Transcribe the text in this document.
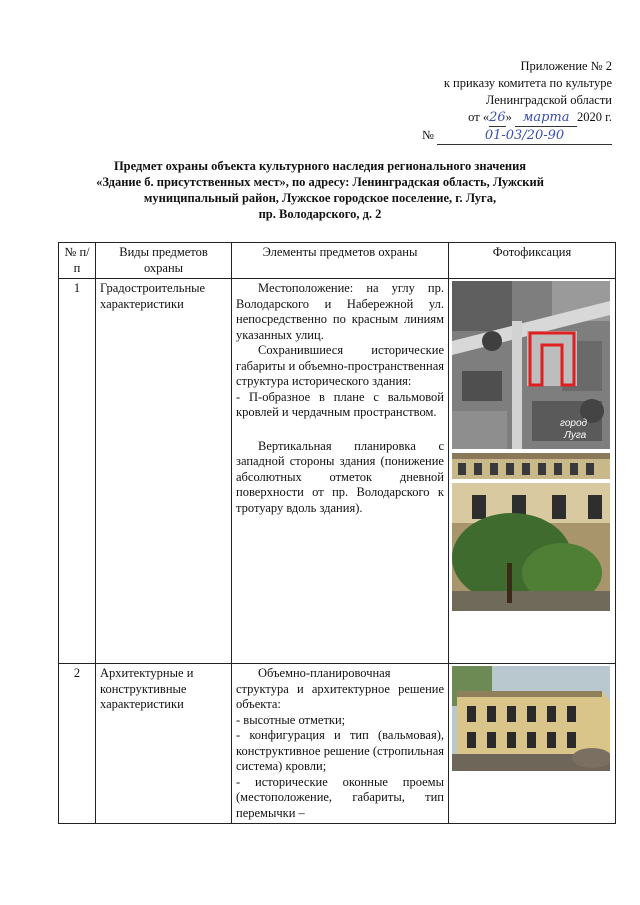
Приложение № 2
к приказу комитета по культуре
Ленинградской области
от «26» марта 2020 г.
№	01-03/20-90
Предмет охраны объекта культурного наследия регионального значения
«Здание б. присутственных мест», по адресу: Ленинградская область, Лужский
муниципальный район, Лужское городское поселение, г. Луга,
пр. Володарского, д. 2
№ п/п	Виды предметов охраны	Элементы предметов охраны	Фотофиксация
1	Градостроительные характеристики	Местоположение: на углу пр. Володарского и Набережной ул. непосредственно по красным линиям указанных улиц.
Сохранившиеся исторические габариты и объемно-пространственная структура исторического здания:
- П-образное в плане с вальмовой кровлей и чердачным пространством.
Вертикальная планировка с западной стороны здания (понижение абсолютных отметок дневной поверхности от пр. Володарского к тротуару вдоль здания).	город
Луга

2	Архитектурные и конструктивные характеристики	Объемно-планировочная структура и архитектурное решение объекта:
- высотные отметки;
- конфигурация и тип (вальмовая), конструктивное решение (стропильная система) кровли;
- исторические оконные проемы (местоположение, габариты, тип перемычки –
